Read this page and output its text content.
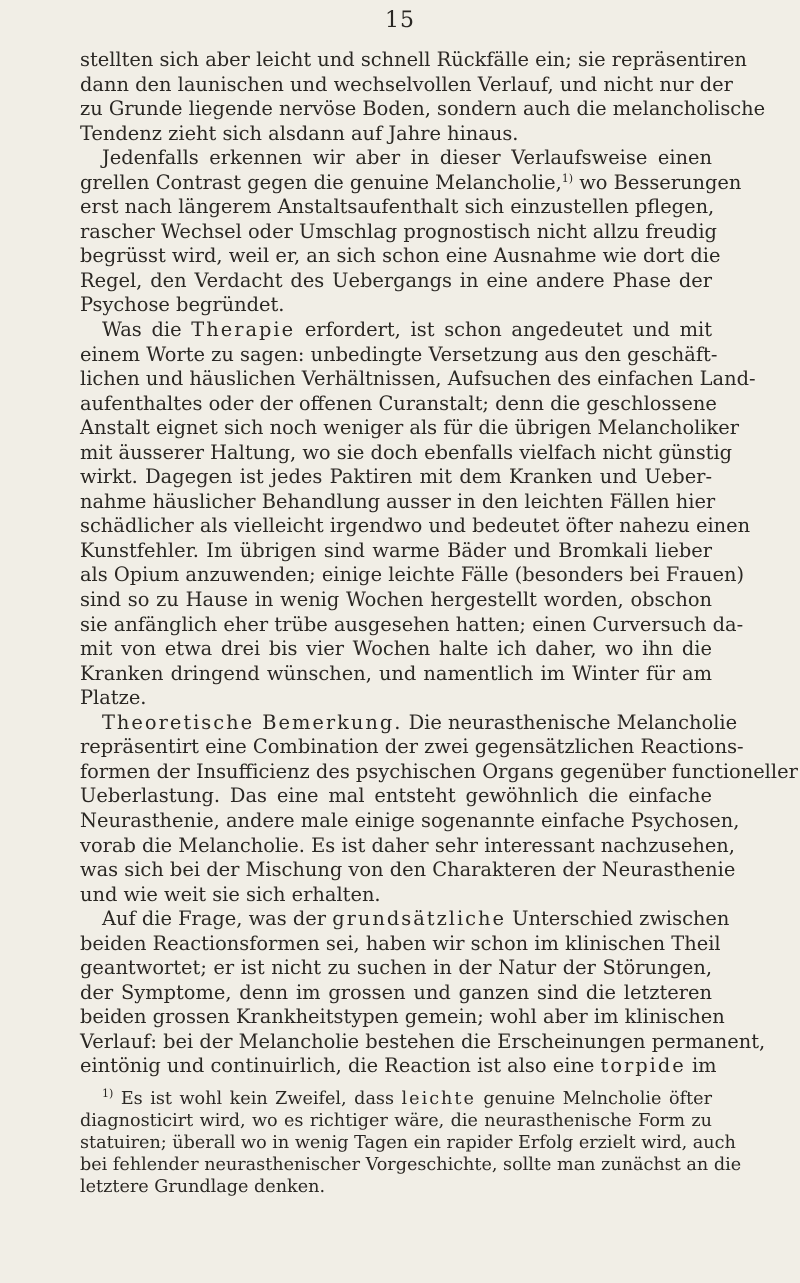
15
stellten sich aber leicht und schnell Rückfälle ein; sie repräsentiren
dann den launischen und wechselvollen Verlauf, und nicht nur der
zu Grunde liegende nervöse Boden, sondern auch die melancholische
Tendenz zieht sich alsdann auf Jahre hinaus.
Jedenfalls erkennen wir aber in dieser Verlaufsweise einen
grellen Contrast gegen die genuine Melancholie,$^{1)}$ wo Besserungen
erst nach längerem Anstaltsaufenthalt sich einzustellen pflegen,
rascher Wechsel oder Umschlag prognostisch nicht allzu freudig
begrüsst wird, weil er, an sich schon eine Ausnahme wie dort die
Regel, den Verdacht des Uebergangs in eine andere Phase der
Psychose begründet.
Was die Therapie erfordert, ist schon angedeutet und mit
einem Worte zu sagen: unbedingte Versetzung aus den geschäft-
lichen und häuslichen Verhältnissen, Aufsuchen des einfachen Land-
aufenthaltes oder der offenen Curanstalt; denn die geschlossene
Anstalt eignet sich noch weniger als für die übrigen Melancholiker
mit äusserer Haltung, wo sie doch ebenfalls vielfach nicht günstig
wirkt. Dagegen ist jedes Paktiren mit dem Kranken und Ueber-
nahme häuslicher Behandlung ausser in den leichten Fällen hier
schädlicher als vielleicht irgendwo und bedeutet öfter nahezu einen
Kunstfehler. Im übrigen sind warme Bäder und Bromkali lieber
als Opium anzuwenden; einige leichte Fälle (besonders bei Frauen)
sind so zu Hause in wenig Wochen hergestellt worden, obschon
sie anfänglich eher trübe ausgesehen hatten; einen Curversuch da-
mit von etwa drei bis vier Wochen halte ich daher, wo ihn die
Kranken dringend wünschen, und namentlich im Winter für am
Platze.
Theoretische Bemerkung. Die neurasthenische Melancholie
repräsentirt eine Combination der zwei gegensätzlichen Reactions-
formen der Insufficienz des psychischen Organs gegenüber functioneller
Ueberlastung. Das eine mal entsteht gewöhnlich die einfache
Neurasthenie, andere male einige sogenannte einfache Psychosen,
vorab die Melancholie. Es ist daher sehr interessant nachzusehen,
was sich bei der Mischung von den Charakteren der Neurasthenie
und wie weit sie sich erhalten.
Auf die Frage, was der grundsätzliche Unterschied zwischen
beiden Reactionsformen sei, haben wir schon im klinischen Theil
geantwortet; er ist nicht zu suchen in der Natur der Störungen,
der Symptome, denn im grossen und ganzen sind die letzteren
beiden grossen Krankheitstypen gemein; wohl aber im klinischen
Verlauf: bei der Melancholie bestehen die Erscheinungen permanent,
eintönig und continuirlich, die Reaction ist also eine torpide im
$^{1)}$ Es ist wohl kein Zweifel, dass leichte genuine Melncholie öfter
diagnosticirt wird, wo es richtiger wäre, die neurasthenische Form zu
statuiren; überall wo in wenig Tagen ein rapider Erfolg erzielt wird, auch
bei fehlender neurasthenischer Vorgeschichte, sollte man zunächst an die
letztere Grundlage denken.
